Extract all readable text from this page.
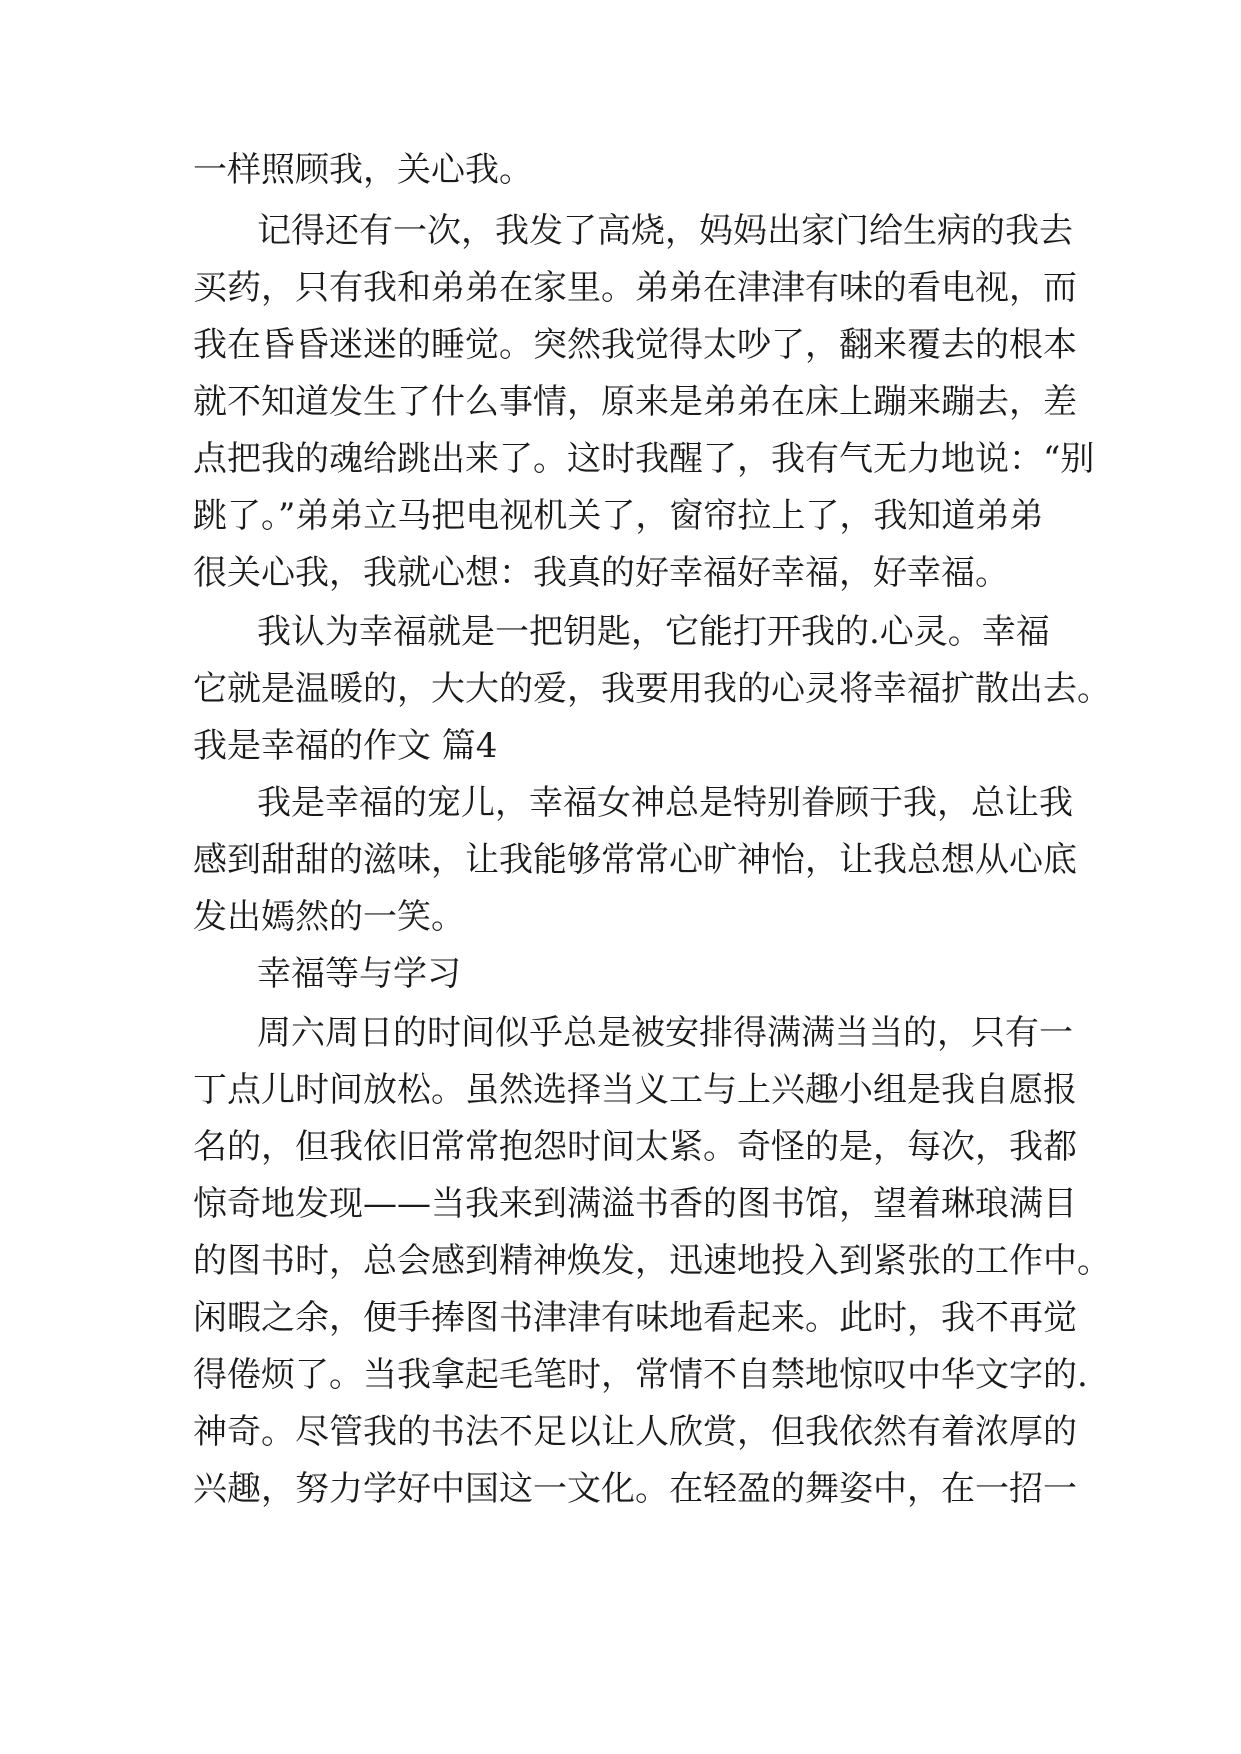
一样照顾我，关心我。
记得还有一次，我发了高烧，妈妈出家门给生病的我去
买药，只有我和弟弟在家里。弟弟在津津有味的看电视，而
我在昏昏迷迷的睡觉。突然我觉得太吵了，翻来覆去的根本
就不知道发生了什么事情，原来是弟弟在床上蹦来蹦去，差
点把我的魂给跳出来了。这时我醒了，我有气无力地说：“别
跳了。”弟弟立马把电视机关了，窗帘拉上了，我知道弟弟
很关心我，我就心想：我真的好幸福好幸福，好幸福。
我认为幸福就是一把钥匙，它能打开我的.心灵。幸福
它就是温暖的，大大的爱，我要用我的心灵将幸福扩散出去。
我是幸福的作文 篇4
我是幸福的宠儿，幸福女神总是特别眷顾于我，总让我
感到甜甜的滋味，让我能够常常心旷神怡，让我总想从心底
发出嫣然的一笑。
幸福等与学习
周六周日的时间似乎总是被安排得满满当当的，只有一
丁点儿时间放松。虽然选择当义工与上兴趣小组是我自愿报
名的，但我依旧常常抱怨时间太紧。奇怪的是，每次，我都
惊奇地发现——当我来到满溢书香的图书馆，望着琳琅满目
的图书时，总会感到精神焕发，迅速地投入到紧张的工作中。
闲暇之余，便手捧图书津津有味地看起来。此时，我不再觉
得倦烦了。当我拿起毛笔时，常情不自禁地惊叹中华文字的.
神奇。尽管我的书法不足以让人欣赏，但我依然有着浓厚的
兴趣，努力学好中国这一文化。在轻盈的舞姿中，在一招一
